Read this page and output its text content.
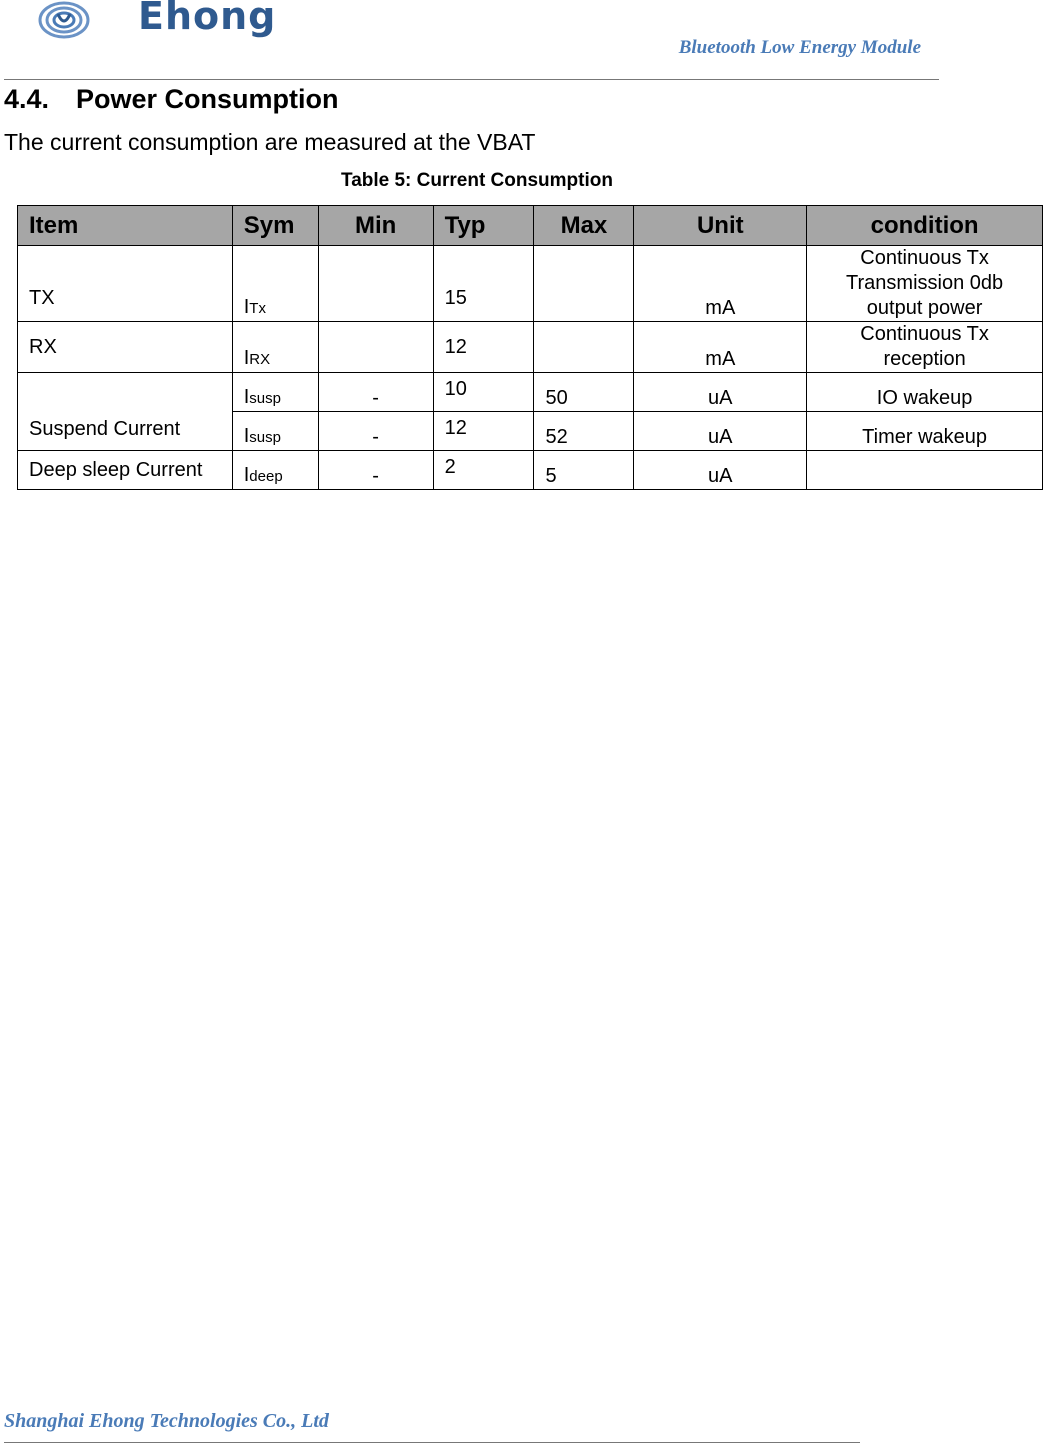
Ehong
Bluetooth Low Energy Module
4.4. Power Consumption
The current consumption are measured at the VBAT
Table 5: Current Consumption
Item	Sym	Min	Typ	Max	Unit	condition
TX	ITx		15		mA	Continuous Tx
Transmission 0db
output power

RX	IRX		12		mA	Continuous Tx
reception

Suspend Current	Isusp	-	10	50	uA	IO wakeup
	Isusp	-	12	52	uA	Timer wakeup
Deep sleep Current	Ideep	-	2	5	uA	
Shanghai Ehong Technologies Co., Ltd
